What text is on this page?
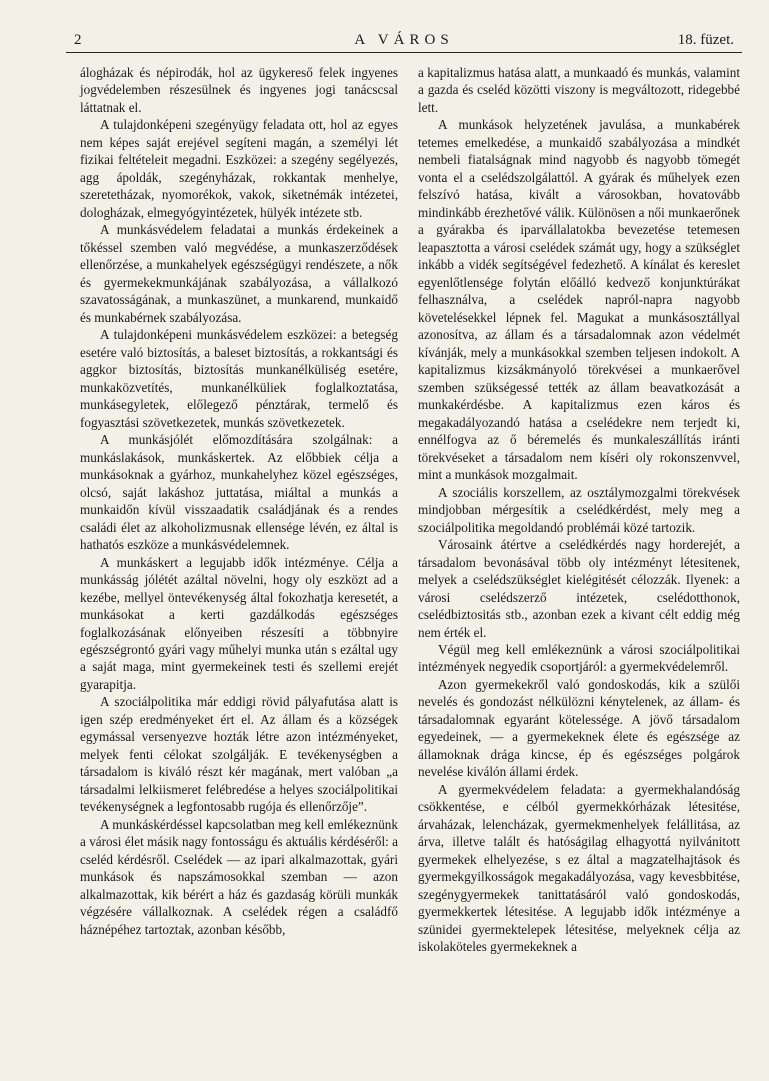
2	A VÁROS	18. füzet.

álogházak és népirodák, hol az ügykereső felek ingyenes jogvédelemben részesülnek és ingyenes jogi tanácscsal láttatnak el.

A tulajdonképeni szegényügy feladata ott, hol az egyes nem képes saját erejével segíteni magán, a személyi lét fizikai feltételeit megadni. Eszközei: a szegény segélyezés, agg ápoldák, szegényházak, rokkantak menhelye, szeretetházak, nyomorékok, vakok, siketnémák intézetei, dologházak, elmegyógyintézetek, hülyék intézete stb.

A munkásvédelem feladatai a munkás érdekeinek a tőkéssel szemben való megvédése, a munkaszerződések ellenőrzése, a munkahelyek egészségügyi rendészete, a nők és gyermekekmunkájának szabályozása, a vállalkozó szavatosságának, a munkaszünet, a munkarend, munkaidő és munkabérnek szabályozása.

A tulajdonképeni munkásvédelem eszközei: a betegség esetére való biztosítás, a baleset biztosítás, a rokkantsági és aggkor biztosítás, biztosítás munkanélküliség esetére, munkaközvetítés, munkanélküliek foglalkoztatása, munkásegyletek, előlegező pénztárak, termelő és fogyasztási szövetkezetek, munkás szövetkezetek.

A munkásjólét előmozdítására szolgálnak: a munkáslakások, munkáskertek. Az előbbiek célja a munkásoknak a gyárhoz, munkahelyhez közel egészséges, olcsó, saját lakáshoz juttatása, miáltal a munkás a munkaidőn kívül visszaadatik családjának és a rendes családi élet az alkoholizmusnak ellensége lévén, ez által is hathatós eszköze a munkásvédelemnek.

A munkáskert a legujabb idők intézménye. Célja a munkásság jólétét azáltal növelni, hogy oly eszközt ad a kezébe, mellyel öntevékenység által fokozhatja keresetét, a munkásokat a kerti gazdálkodás egészséges foglalkozásának előnyeiben részesíti a többnyire egészségrontó gyári vagy műhelyi munka után s ezáltal ugy a saját maga, mint gyermekeinek testi és szellemi erejét gyarapitja.

A szociálpolitika már eddigi rövid pályafutása alatt is igen szép eredményeket ért el. Az állam és a községek egymással versenyezve hozták létre azon intézményeket, melyek fenti célokat szolgálják. E tevékenységben a társadalom is kiváló részt kér magának, mert valóban „a társadalmi lelkiismeret felébredése a helyes szociálpolitikai tevékenységnek a legfontosabb rugója és ellenőrzője”.

A munkáskérdéssel kapcsolatban meg kell emlékeznünk a városi élet másik nagy fontosságu és aktuális kérdéséről: a cseléd kérdésről. Cselédek — az ipari alkalmazottak, gyári munkások és napszámosokkal szemban — azon alkalmazottak, kik bérért a ház és gazdaság körüli munkák végzésére vállalkoznak. A cselédek régen a családfő háznépéhez tartoztak, azonban később,

a kapitalizmus hatása alatt, a munkaadó és munkás, valamint a gazda és cseléd közötti viszony is megváltozott, ridegebbé lett.

A munkások helyzetének javulása, a munkabérek tetemes emelkedése, a munkaidő szabályozása a mindkét nembeli fiatalságnak mind nagyobb és nagyobb tömegét vonta el a cselédszolgálattól. A gyárak és műhelyek ezen felszívó hatása, kivált a városokban, hovatovább mindinkább érezhetővé válik. Különösen a női munkaerőnek a gyárakba és iparvállalatokba bevezetése tetemesen leapasztotta a városi cselédek számát ugy, hogy a szükséglet inkább a vidék segítségével fedezhető. A kínálat és kereslet egyenlőtlensége folytán előálló kedvező konjunktúrákat felhasználva, a cselédek napról-napra nagyobb követelésekkel lépnek fel. Magukat a munkásosztállyal azonosítva, az állam és a társadalomnak azon védelmét kívánják, mely a munkásokkal szemben teljesen indokolt. A kapitalizmus kizsákmányoló törekvései a munkaerővel szemben szükségessé tették az állam beavatkozását a munkakérdésbe. A kapitalizmus ezen káros és megakadályozandó hatása a cselédekre nem terjedt ki, ennélfogva az ő béremelés és munkaleszállítás iránti törekvéseket a társadalom nem kíséri oly rokonszenvvel, mint a munkások mozgalmait.

A szociális korszellem, az osztálymozgalmi törekvések mindjobban mérgesítik a cselédkérdést, mely meg a szociálpolitika megoldandó problémái közé tartozik.

Városaink átértve a cselédkérdés nagy horderejét, a társadalom bevonásával több oly intézményt létesitenek, melyek a cselédszükséglet kielégitését célozzák. Ilyenek: a városi cselédszerző intézetek, cselédotthonok, cselédbiztositás stb., azonban ezek a kivant célt eddig még nem érték el.

Végül meg kell emlékeznünk a városi szociálpolitikai intézmények negyedik csoportjáról: a gyermekvédelemről.

Azon gyermekekről való gondoskodás, kik a szülői nevelés és gondozást nélkülözni kénytelenek, az állam- és társadalomnak egyaránt kötelessége. A jövő társadalom egyedeinek, — a gyermekeknek élete és egészsége az államoknak drága kincse, ép és egészséges polgárok nevelése kiválón állami érdek.

A gyermekvédelem feladata: a gyermekhalandóság csökkentése, e célból gyermekkórházak létesitése, árvaházak, lelencházak, gyermekmenhelyek felállitása, az árva, illetve talált és hatóságilag elhagyottá nyilvánitott gyermekek elhelyezése, s ez által a magzatelhajtások és gyermekgyilkosságok megakadályozása, vagy kevesbbitése, szegénygyermekek tanittatásáról való gondoskodás, gyermekkertek létesitése. A legujabb idők intézménye a szünidei gyermektelepek létesitése, melyeknek célja az iskolaköteles gyermekeknek a
